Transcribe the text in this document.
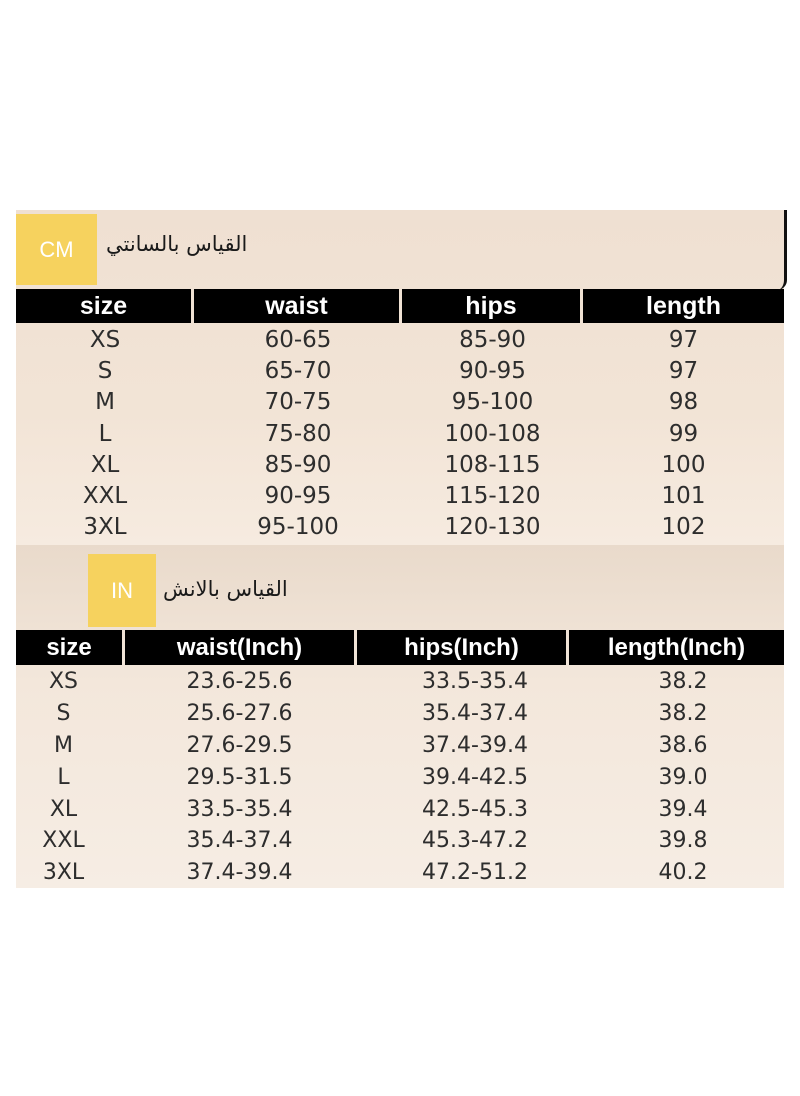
CM	القياس بالسانتي
size	waist	hips	length
XS	60-65	85-90	97
S	65-70	90-95	97
M	70-75	95-100	98
L	75-80	100-108	99
XL	85-90	108-115	100
XXL	90-95	115-120	101
3XL	95-100	120-130	102
IN	القياس بالانش
size	waist(Inch)	hips(Inch)	length(Inch)
XS	23.6-25.6	33.5-35.4	38.2
S	25.6-27.6	35.4-37.4	38.2
M	27.6-29.5	37.4-39.4	38.6
L	29.5-31.5	39.4-42.5	39.0
XL	33.5-35.4	42.5-45.3	39.4
XXL	35.4-37.4	45.3-47.2	39.8
3XL	37.4-39.4	47.2-51.2	40.2
